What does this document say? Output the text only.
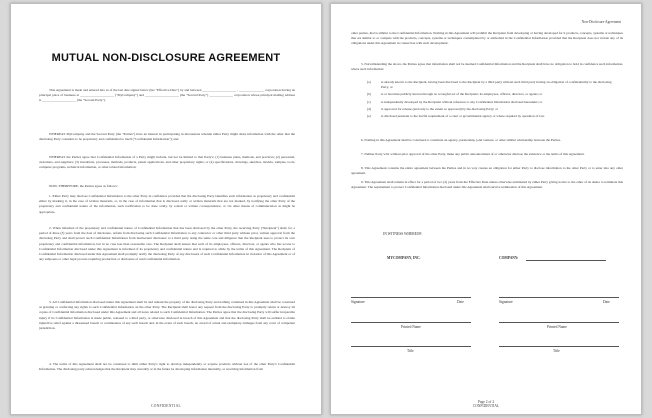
MUTUAL NON-DISCLOSURE AGREEMENT
This Agreement is made and entered into as of the last date signed below (the "Effective Date") by and between ____________________ , _______________ corporation having its principal place of business at ____________________ ("MyCompany") and ____________________ (the "Second Party") ______________ corporation whose principal mailing address is ____________________ (the "Second Party").
WHEREAS MyCompany and the Second Party (the "Parties") have an interest in participating in discussions wherein either Party might share information with the other that the disclosing Party considers to be proprietary and confidential to itself ("Confidential Information"); and
WHEREAS the Parties agree that Confidential Information of a Party might include, but not be limited to that Party's: (1) business plans, methods, and practices; (2) personnel, customers, and suppliers; (3) inventions, processes, methods, products, patent applications, and other proprietary rights; or (4) specifications, drawings, sketches, models, samples, tools, computer programs, technical information, or other related information;
NOW, THEREFORE, the Parties agree as follows:
1. Either Party may disclose Confidential Information to the other Party in confidence provided that the disclosing Party identifies such information as proprietary and confidential either by marking it, in the case of written materials, or, in the case of information that is disclosed orally or written materials that are not marked, by notifying the other Party of the proprietary and confidential nature of the information, such notification to be done orally, by e-mail or written correspondence, or via other means of communication as might be appropriate.
2. When informed of the proprietary and confidential nature of Confidential Information that has been disclosed by the other Party, the receiving Party ("Recipient") shall, for a period of three (3) years from the date of disclosure, refrain from disclosing such Confidential Information to any contractor or other third party without prior, written approval from the disclosing Party and shall protect such Confidential Information from inadvertent disclosure to a third party using the same care and diligence that the Recipient uses to protect its own proprietary and confidential information, but in no case less than reasonable care. The Recipient shall ensure that each of its employees, officers, directors, or agents who has access to Confidential Information disclosed under this Agreement is informed of its proprietary and confidential nature and is required to abide by the terms of this Agreement. The Recipient of Confidential Information disclosed under this Agreement shall promptly notify the disclosing Party of any disclosure of such Confidential Information in violation of this Agreement or of any subpoena or other legal process requiring production or disclosure of said Confidential Information.
3. All Confidential Information disclosed under this Agreement shall be and remain the property of the disclosing Party and nothing contained in this Agreement shall be construed as granting or conferring any rights to such Confidential Information on the other Party. The Recipient shall honor any request from the disclosing Party to promptly return or destroy all copies of Confidential Information disclosed under this Agreement and all notes related to such Confidential Information. The Parties agree that the disclosing Party will suffer irreparable injury if its Confidential Information is made public, released to a third party, or otherwise disclosed in breach of this Agreement and that the disclosing Party shall be entitled to obtain injunctive relief against a threatened breach or continuation of any such breach and, in the event of such breach, an award of actual and exemplary damages from any court of competent jurisdiction.
4. The terms of this Agreement shall not be construed to limit either Party's right to develop independently or acquire products without use of the other Party's Confidential Information. The disclosing party acknowledges that the Recipient may currently or in the future be developing information internally, or receiving information from
CONFIDENTIAL
Non-Disclosure Agreement
other parties, that is similar to the Confidential Information. Nothing in this Agreement will prohibit the Recipient from developing or having developed for it products, concepts, systems or techniques that are similar to or compete with the products, concepts, systems or techniques contemplated by or embodied in the Confidential Information provided that the Recipient does not violate any of its obligations under this Agreement in connection with such development.
5. Notwithstanding the above, the Parties agree that information shall not be deemed Confidential Information and the Recipient shall have no obligation to hold in confidence such information, where such information:
(a)	is already known to the Recipient, having been disclosed to the Recipient by a third party without such third party having an obligation of confidentiality to the disclosing Party; or
(b)	is or becomes publicly known through no wrongful act of the Recipient, its employees, officers, directors, or agents; or
(c)	is independently developed by the Recipient without reference to any Confidential Information disclosed hereunder; or
(d)	is approved for release (and only to the extent so approved) by the disclosing Party; or
(e)	is disclosed pursuant to the lawful requirement of a court or governmental agency or where required by operation of law.
6. Nothing in this Agreement shall be construed to constitute an agency, partnership, joint venture, or other similar relationship between the Parties.
7. Neither Party will, without prior approval of the other Party, make any public announcement of or otherwise disclose the existence or the terms of this Agreement.
8. This Agreement contains the entire agreement between the Parties and in no way creates an obligation for either Party to disclose information to the other Party or to enter into any other agreement.
9. This Agreement shall remain in effect for a period of two (2) years from the Effective Date unless otherwise terminated by either Party giving notice to the other of its desire to terminate this Agreement. The requirement to protect Confidential Information disclosed under this Agreement shall survive termination of this Agreement.
IN WITNESS WHEREOF:
MYCOMPANY, INC.	COMPANY:
Signature	Date
Printed Name
Title
Signature	Date
Printed Name
Title
Page 2 of 2
CONFIDENTIAL
